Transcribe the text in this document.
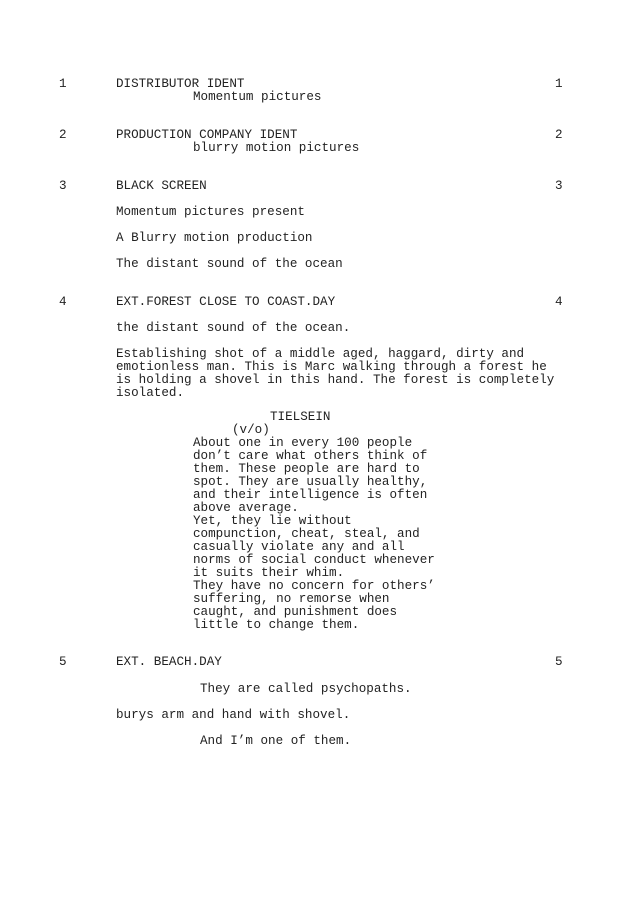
1	DISTRIBUTOR IDENT	1
Momentum pictures
2	PRODUCTION COMPANY IDENT	2
blurry motion pictures
3	BLACK SCREEN	3
Momentum pictures present
A Blurry motion production
The distant sound of the ocean
4	EXT.FOREST CLOSE TO COAST.DAY	4
the distant sound of the ocean.
Establishing shot of a middle aged, haggard, dirty and
emotionless man. This is Marc walking through a forest he
is holding a shovel in this hand. The forest is completely
isolated.
TIELSEIN
(v/o)
About one in every 100 people
don’t care what others think of
them. These people are hard to
spot. They are usually healthy,
and their intelligence is often
above average.
Yet, they lie without
compunction, cheat, steal, and
casually violate any and all
norms of social conduct whenever
it suits their whim.
They have no concern for others’
suffering, no remorse when
caught, and punishment does
little to change them.
5	EXT. BEACH.DAY	5
They are called psychopaths.
burys arm and hand with shovel.
And I’m one of them.
